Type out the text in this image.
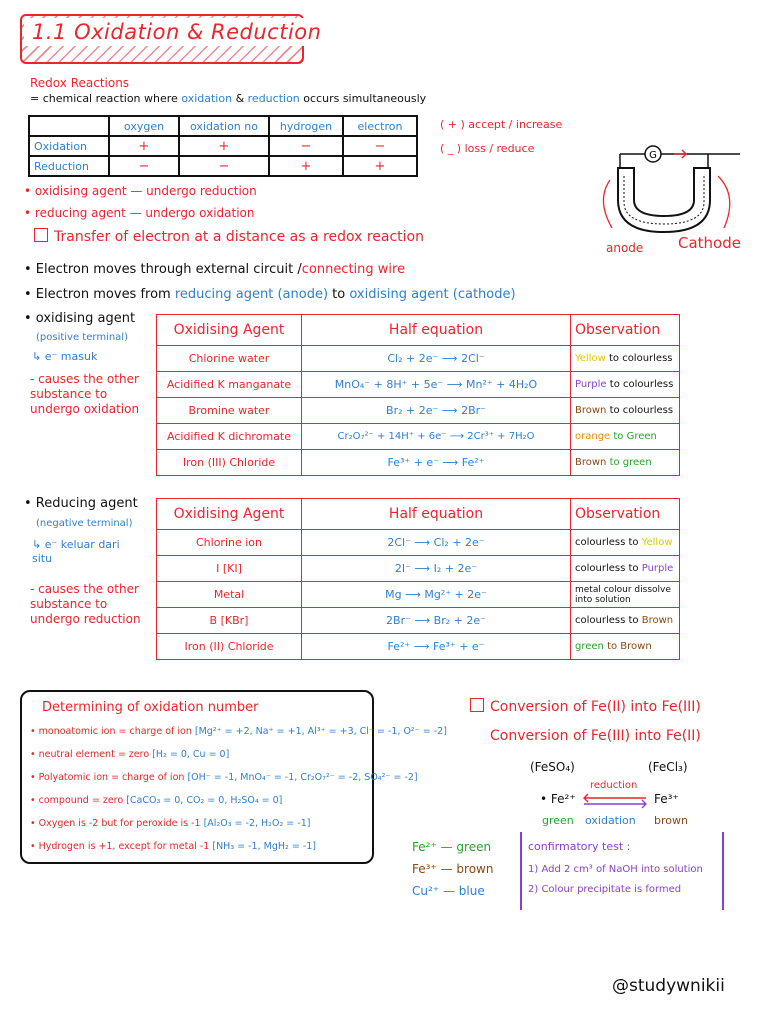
1.1 Oxidation & Reduction
Redox Reactions
= chemical reaction where oxidation & reduction occurs simultaneously
	oxygen	oxidation no	hydrogen	electron
Oxidation	+	+	−	−
Reduction	−	−	+	+
( + ) accept / increase
( _ ) loss / reduce
G
anode Cathode
• oxidising agent — undergo reduction
• reducing agent — undergo oxidation
Transfer of electron at a distance as a redox reaction
• Electron moves through external circuit /connecting wire
• Electron moves from reducing agent (anode) to oxidising agent (cathode)
• oxidising agent
(positive terminal)
↳ e⁻ masuk
- causes the other substance to undergo oxidation
Oxidising Agent	Half equation	Observation
Chlorine water	Cl₂ + 2e⁻ ⟶ 2Cl⁻	Yellow to colourless
Acidified K manganate	MnO₄⁻ + 8H⁺ + 5e⁻ ⟶ Mn²⁺ + 4H₂O	Purple to colourless
Bromine water	Br₂ + 2e⁻ ⟶ 2Br⁻	Brown to colourless
Acidified K dichromate	Cr₂O₇²⁻ + 14H⁺ + 6e⁻ ⟶ 2Cr³⁺ + 7H₂O	orange to Green
Iron (III) Chloride	Fe³⁺ + e⁻ ⟶ Fe²⁺	Brown to green
• Reducing agent
(negative terminal)
↳ e⁻ keluar dari situ
- causes the other substance to undergo reduction
Oxidising Agent	Half equation	Observation
Chlorine ion	2Cl⁻ ⟶ Cl₂ + 2e⁻	colourless to Yellow
I [KI]	2I⁻ ⟶ I₂ + 2e⁻	colourless to Purple
Metal	Mg ⟶ Mg²⁺ + 2e⁻	metal colour dissolve into solution
B [KBr]	2Br⁻ ⟶ Br₂ + 2e⁻	colourless to Brown
Iron (II) Chloride	Fe²⁺ ⟶ Fe³⁺ + e⁻	green to Brown
Determining of oxidation number
• monoatomic ion = charge of ion [Mg²⁺ = +2, Na⁺ = +1, Al³⁺ = +3, Cl⁻ = -1, O²⁻ = -2]
• neutral element = zero [H₂ = 0, Cu = 0]
• Polyatomic ion = charge of ion [OH⁻ = -1, MnO₄⁻ = -1, Cr₂O₇²⁻ = -2, SO₄²⁻ = -2]
• compound = zero [CaCO₃ = 0, CO₂ = 0, H₂SO₄ = 0]
• Oxygen is -2 but for peroxide is -1 [Al₂O₃ = -2, H₂O₂ = -1]
• Hydrogen is +1, except for metal -1 [NH₃ = -1, MgH₂ = -1]
Conversion of Fe(II) into Fe(III)
Conversion of Fe(III) into Fe(II)
(FeSO₄)	(FeCl₃)
reduction
• Fe²⁺	Fe³⁺
green oxidation brown
Fe²⁺ — green
Fe³⁺ — brown
Cu²⁺ — blue
confirmatory test :
1) Add 2 cm³ of NaOH into solution
2) Colour precipitate is formed
@studywnikii
